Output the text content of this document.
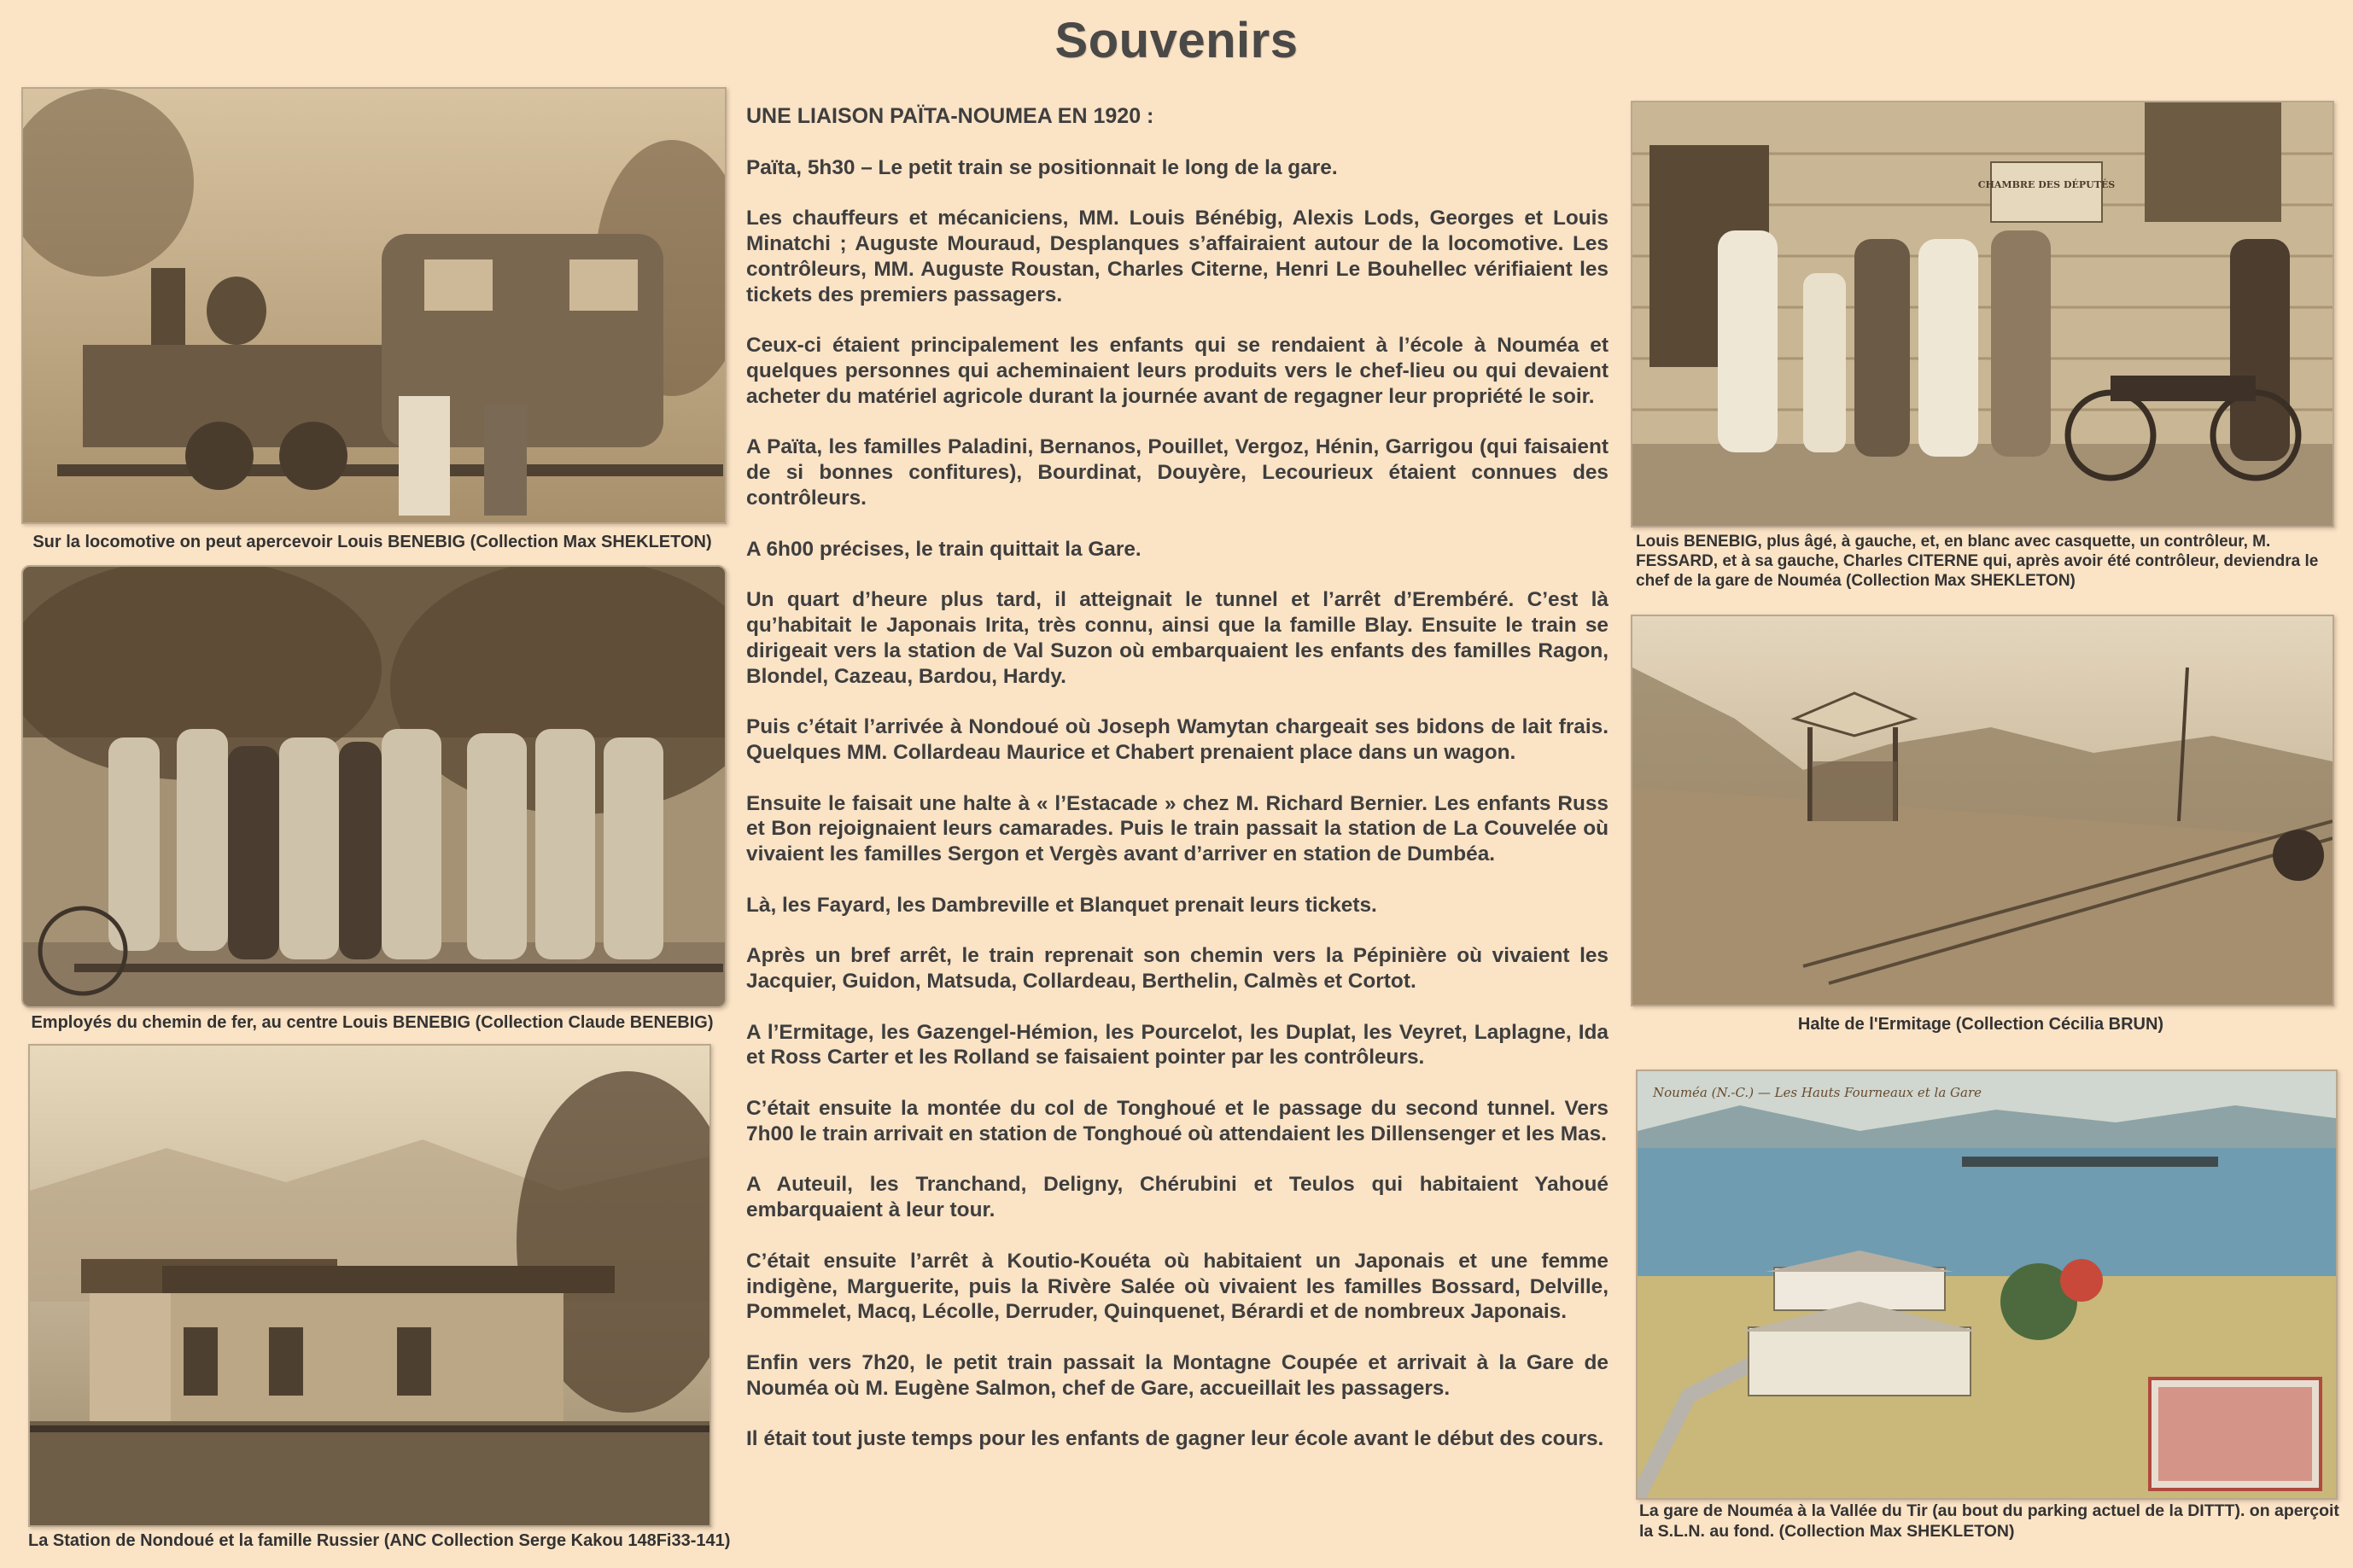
Souvenirs
Sur la locomotive on peut apercevoir Louis BENEBIG (Collection Max SHEKLETON)
Employés du chemin de fer, au centre Louis BENEBIG (Collection Claude BENEBIG)
La Station de Nondoué et la famille Russier (ANC Collection Serge Kakou 148Fi33-141)

UNE LIAISON PAÏTA-NOUMEA EN 1920 :

Païta, 5h30 – Le petit train se positionnait le long de la gare.

Les chauffeurs et mécaniciens, MM. Louis Bénébig, Alexis Lods, Georges et Louis Minatchi ; Auguste Mouraud, Desplanques s’affairaient autour de la locomotive. Les contrôleurs, MM. Auguste Roustan, Charles Citerne, Henri Le Bouhellec vérifiaient les tickets des premiers passagers.

Ceux-ci étaient principalement les enfants qui se rendaient à l’école à Nouméa et quelques personnes qui acheminaient leurs produits vers le chef-lieu ou qui devaient acheter du matériel agricole durant la journée avant de regagner leur propriété le soir.

A Païta, les familles Paladini, Bernanos, Pouillet, Vergoz, Hénin, Garrigou (qui faisaient de si bonnes confitures), Bourdinat, Douyère, Lecourieux étaient connues des contrôleurs.

A 6h00 précises, le train quittait la Gare.

Un quart d’heure plus tard, il atteignait le tunnel et l’arrêt d’Erembéré. C’est là qu’habitait le Japonais Irita, très connu, ainsi que la famille Blay. Ensuite le train se dirigeait vers la station de Val Suzon où embarquaient les enfants des familles Ragon, Blondel, Cazeau, Bardou, Hardy.

Puis c’était l’arrivée à Nondoué où Joseph Wamytan chargeait ses bidons de lait frais. Quelques MM. Collardeau Maurice et Chabert prenaient place dans un wagon.

Ensuite le faisait une halte à « l’Estacade » chez M. Richard Bernier. Les enfants Russ et Bon rejoignaient leurs camarades. Puis le train passait la station de La Couvelée où vivaient les familles Sergon et Vergès avant d’arriver en station de Dumbéa.

Là, les Fayard, les Dambreville et Blanquet prenait leurs tickets.

Après un bref arrêt, le train reprenait son chemin vers la Pépinière où vivaient les Jacquier, Guidon, Matsuda, Collardeau, Berthelin, Calmès et Cortot.

A l’Ermitage, les Gazengel-Hémion, les Pourcelot, les Duplat, les Veyret, Laplagne, Ida et Ross Carter et les Rolland se faisaient pointer par les contrôleurs.

C’était ensuite la montée du col de Tonghoué et le passage du second tunnel. Vers 7h00 le train arrivait en station de Tonghoué où attendaient les Dillensenger et les Mas.

A Auteuil, les Tranchand, Deligny, Chérubini et Teulos qui habitaient Yahoué embarquaient à leur tour.

C’était ensuite l’arrêt à Koutio-Kouéta où habitaient un Japonais et une femme indigène, Marguerite, puis la Rivère Salée où vivaient les familles Bossard, Delville, Pommelet, Macq, Lécolle, Derruder, Quinquenet, Bérardi et de nombreux Japonais.

Enfin vers 7h20, le petit train passait la Montagne Coupée et arrivait à la Gare de Nouméa où M. Eugène Salmon, chef de Gare, accueillait les passagers.

Il était tout juste temps pour les enfants de gagner leur école avant le début des cours.

CHAMBRE DES DÉPUTÉS
Louis BENEBIG, plus âgé, à gauche, et, en blanc avec casquette, un contrôleur, M. FESSARD, et à sa gauche, Charles CITERNE qui, après avoir été contrôleur, deviendra le chef de la gare de Nouméa (Collection Max SHEKLETON)
Halte de l'Ermitage (Collection Cécilia BRUN)
Nouméa (N.-C.) — Les Hauts Fourneaux et la Gare
La gare de Nouméa à la Vallée du Tir (au bout du parking actuel de la DITTT). on aperçoit la S.L.N. au fond. (Collection Max SHEKLETON)
